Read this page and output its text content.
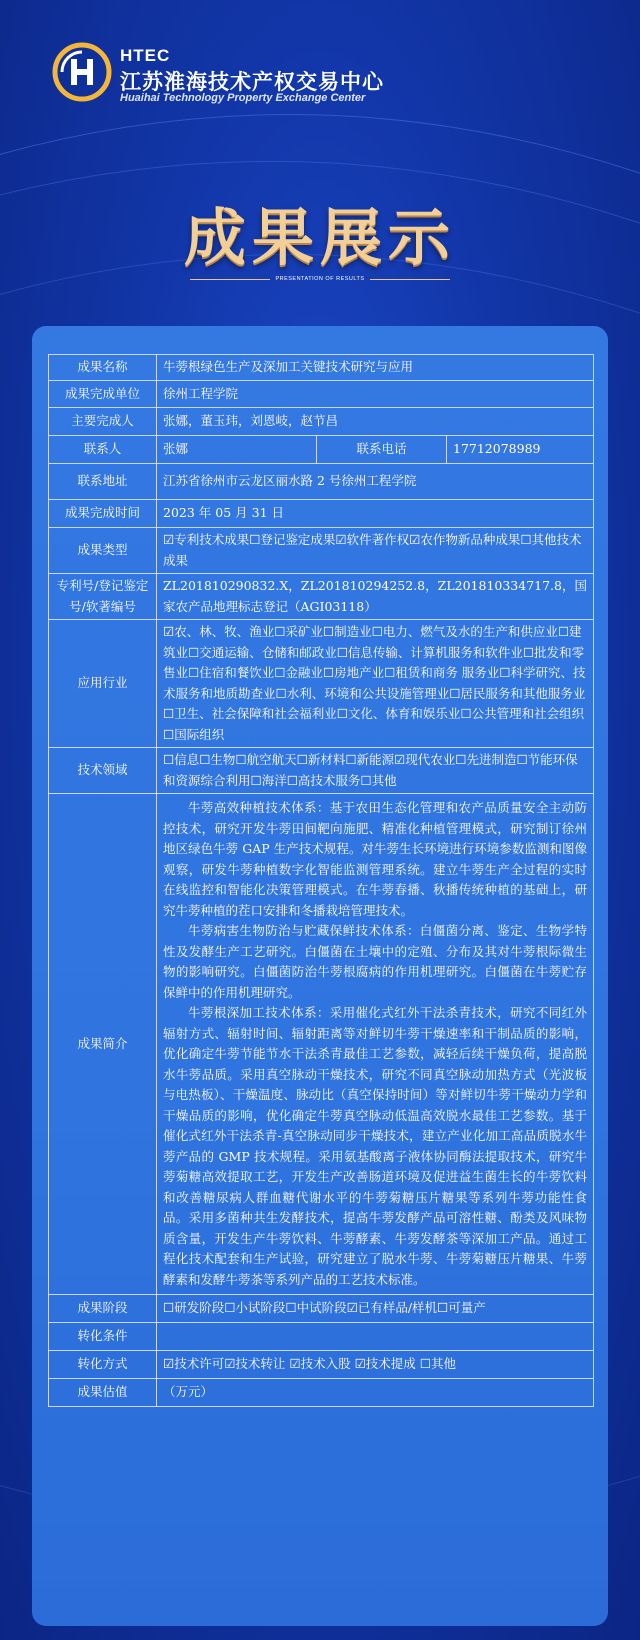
HTEC
江苏淮海技术产权交易中心
Huaihai Technology Property Exchange Center
成果展示
PRESENTATION OF RESULTS
成果名称	牛蒡根绿色生产及深加工关键技术研究与应用		
成果完成单位	徐州工程学院		
主要完成人	张娜，董玉玮，刘恩岐，赵节昌		
联系人	张娜	联系电话	17712078989
联系地址	江苏省徐州市云龙区丽水路 2 号徐州工程学院		
成果完成时间	2023 年 05 月 31 日		
成果类型	☑专利技术成果☐登记鉴定成果☑软件著作权☑农作物新品种成果☐其他技术成果		
专利号/登记鉴定号/软著编号	ZL201810290832.X，ZL201810294252.8，ZL201810334717.8，国家农产品地理标志登记（AGI03118）		
应用行业	☑农、林、牧、渔业☐采矿业☐制造业☐电力、燃气及水的生产和供应业☐建筑业☐交通运输、仓储和邮政业☐信息传输、计算机服务和软件业☐批发和零售业☐住宿和餐饮业☐金融业☐房地产业☐租赁和商务 服务业☐科学研究、技术服务和地质勘查业☐水利、环境和公共设施管理业☐居民服务和其他服务业☐卫生、社会保障和社会福利业☐文化、体育和娱乐业☐公共管理和社会组织☐国际组织		
技术领域	☐信息☐生物☐航空航天☐新材料☐新能源☑现代农业☐先进制造☐节能环保和资源综合利用☐海洋☐高技术服务☐其他		
成果简介	牛蒡高效种植技术体系：基于农田生态化管理和农产品质量安全主动防控技术，研究开发牛蒡田间靶向施肥、精准化种植管理模式，研究制订徐州地区绿色牛蒡 GAP 生产技术规程。对牛蒡生长环境进行环境参数监测和图像观察，研发牛蒡种植数字化智能监测管理系统。建立牛蒡生产全过程的实时在线监控和智能化决策管理模式。在牛蒡春播、秋播传统种植的基础上，研究牛蒡种植的茬口安排和冬播栽培管理技术。

牛蒡病害生物防治与贮藏保鲜技术体系：白僵菌分离、鉴定、生物学特性及发酵生产工艺研究。白僵菌在土壤中的定殖、分布及其对牛蒡根际微生物的影响研究。白僵菌防治牛蒡根腐病的作用机理研究。白僵菌在牛蒡贮存保鲜中的作用机理研究。

牛蒡根深加工技术体系：采用催化式红外干法杀青技术，研究不同红外辐射方式、辐射时间、辐射距离等对鲜切牛蒡干燥速率和干制品质的影响，优化确定牛蒡节能节水干法杀青最佳工艺参数，减轻后续干燥负荷，提高脱水牛蒡品质。采用真空脉动干燥技术，研究不同真空脉动加热方式（光波板与电热板）、干燥温度、脉动比（真空保持时间）等对鲜切牛蒡干燥动力学和干燥品质的影响，优化确定牛蒡真空脉动低温高效脱水最佳工艺参数。基于催化式红外干法杀青-真空脉动同步干燥技术，建立产业化加工高品质脱水牛蒡产品的 GMP 技术规程。采用氨基酸离子液体协同酶法提取技术，研究牛蒡菊糖高效提取工艺，开发生产改善肠道环境及促进益生菌生长的牛蒡饮料和改善糖尿病人群血糖代谢水平的牛蒡菊糖压片糖果等系列牛蒡功能性食品。采用多菌种共生发酵技术，提高牛蒡发酵产品可溶性糖、酚类及风味物质含量，开发生产牛蒡饮料、牛蒡酵素、牛蒡发酵茶等深加工产品。通过工程化技术配套和生产试验，研究建立了脱水牛蒡、牛蒡菊糖压片糖果、牛蒡酵素和发酵牛蒡茶等系列产品的工艺技术标准。		

成果阶段	☐研发阶段☐小试阶段☐中试阶段☑已有样品/样机☐可量产		
转化条件			
转化方式	☑技术许可☑技术转让 ☑技术入股 ☑技术提成 ☐其他		
成果估值	（万元）		
